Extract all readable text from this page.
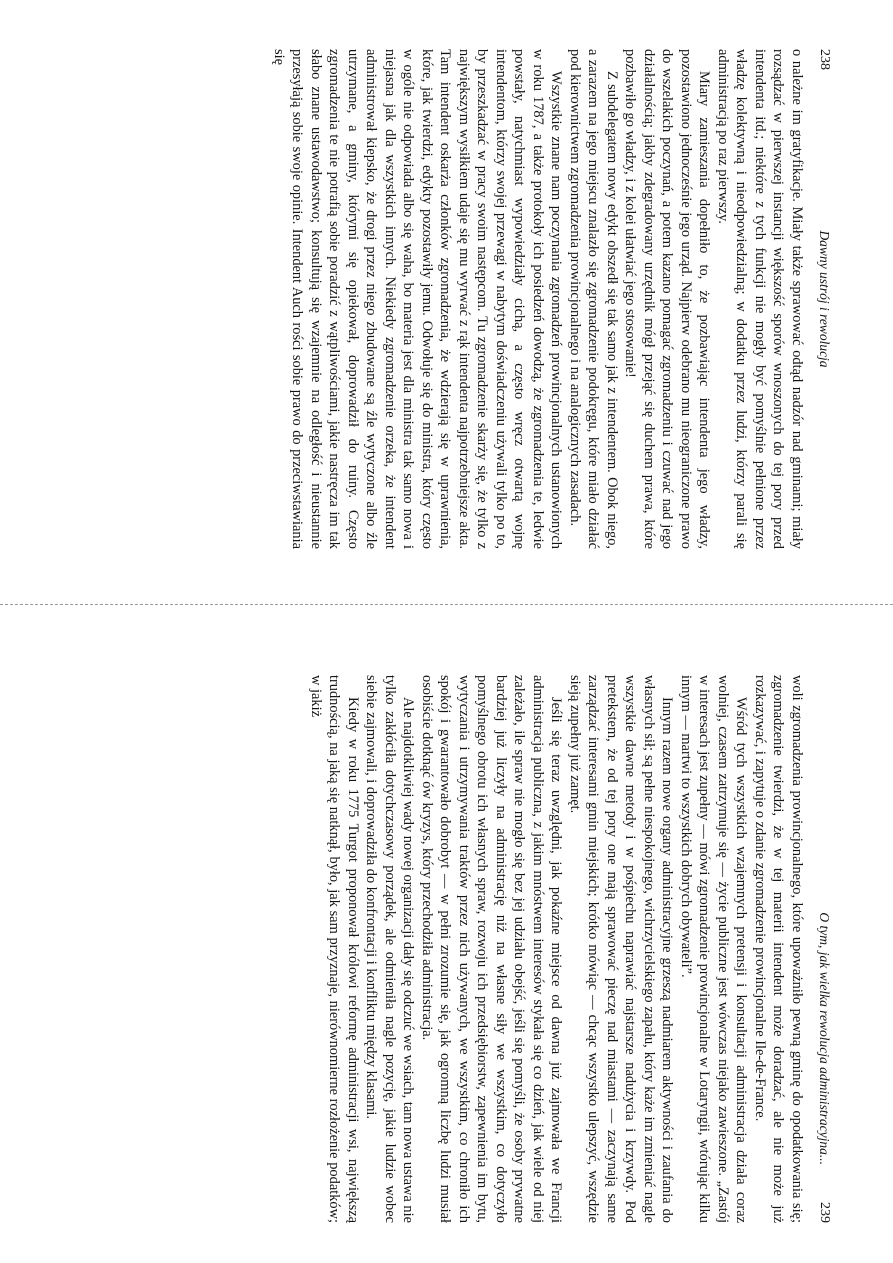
238
Dawny ustrój i rewolucja

o należne im gratyfikacje. Miały także sprawować odtąd nadzór nad gminami; miały rozsądzać w pierwszej instancji większość sporów wnoszonych do tej pory przed intendenta itd.; niektóre z tych funkcji nie mogły być pomyślnie pełnione przez władzę kolektywną i nieodpowiedzialną; w dodatku przez ludzi, którzy parali się administracją po raz pierwszy.

Miary zamieszania dopełniło to, że pozbawiając intendenta jego władzy, pozostawiono jednocześnie jego urząd. Najpierw odebrano mu nieograniczone prawo do wszelakich poczynań, a potem kazano pomagać zgromadzeniu i czuwać nad jego działalnością; jakby zdegradowany urzędnik mógł przejąć się duchem prawa, które pozbawiło go władzy, i z kolei ułatwiać jego stosowanie!

Z subdelegatem nowy edykt obszedł się tak samo jak z intendentem. Obok niego, a zarazem na jego miejscu znalazło się zgromadzenie podokręgu, które miało działać pod kierownictwem zgromadzenia prowincjonalnego i na analogicznych zasadach.

Wszystkie znane nam poczynania zgromadzeń prowincjonalnych ustanowionych w roku 1787, a także protokoły ich posiedzeń dowodzą, że zgromadzenia te, ledwie powstały, natychmiast wypowiedziały cichą, a często wręcz otwartą wojnę intendentom, którzy swojej przewagi w nabytym doświadczeniu używali tylko po to, by przeszkadzać w pracy swoim następcom. Tu zgromadzenie skarży się, że tylko z największym wysiłkiem udaje się mu wyrwać z rąk intendenta najpotrzebniejsze akta. Tam intendent oskarża członków zgromadzenia, że wdzierają się w uprawnienia, które, jak twierdzi, edykty pozostawiły jemu. Odwołuje się do ministra, który często w ogóle nie odpowiada albo się waha, bo materia jest dla ministra tak samo nowa i niejasna jak dla wszystkich innych. Niekiedy zgromadzenie orzeka, że intendent administrował kiepsko, że drogi przez niego zbudowane są źle wytyczone albo źle utrzymane, a gminy, którymi się opiekował, doprowadził do ruiny. Często zgromadzenia te nie potrafią sobie poradzić z wątpliwościami, jakie nastręcza im tak słabo znane ustawodawstwo; konsultują się wzajemnie na odległość i nieustannie przesyłają sobie swoje opinie. Intendent Auch rości sobie prawo do przeciwstawiania się

O tym, jak wielka rewolucja administracyjna...
239

woli zgromadzenia prowincjonalnego, które upoważniło pewną gminę do opodatkowania się; zgromadzenie twierdzi, że w tej materii intendent może doradzać, ale nie może już rozkazywać, i zapytuje o zdanie zgromadzenie prowincjonalne Ile-de-France.

Wśród tych wszystkich wzajemnych pretensji i konsultacji administracja działa coraz wolniej, czasem zatrzymuje się — życie publiczne jest wówczas niejako zawieszone. „Zastój w interesach jest zupełny — mówi zgromadzenie prowincjonalne w Lotaryngii, wtórując kilku innym — martwi to wszystkich dobrych obywateli”.

Innym razem nowe organy administracyjne grzeszą nadmiarem aktywności i zaufania do własnych sił; są pełne niespokojnego, wichrzycielskiego zapału, który każe im zmieniać nagle wszystkie dawne metody i w pośpiechu naprawiać najstarsze nadużycia i krzywdy. Pod pretekstem, że od tej pory one mają sprawować pieczę nad miastami — zaczynają same zarządzać interesami gmin miejskich; krótko mówiąc — chcąc wszystko ulepszyć, wszędzie sieją zupełny już zamęt.

Jeśli się teraz uwzględni, jak pokaźne miejsce od dawna już zajmowała we Francji administracja publiczna, z jakim mnóstwem interesów stykała się co dzień, jak wiele od niej zależało, ile spraw nie mogło się bez jej udziału obejść, jeśli się pomyśli, że osoby prywatne bardziej już liczyły na administrację niż na własne siły we wszystkim, co dotyczyło pomyślnego obrotu ich własnych spraw, rozwoju ich przedsiębiorstw, zapewnienia im bytu, wytyczania i utrzymywania traktów przez nich używanych, we wszystkim, co chroniło ich spokój i gwarantowało dobrobyt — w pełni zrozumie się, jak ogromną liczbę ludzi musiał osobiście dotknąć ów kryzys, który przechodziła administracja.

Ale najdotkliwiej wady nowej organizacji dały się odczuć we wsiach, tam nowa ustawa nie tylko zakłóciła dotychczasowy porządek, ale odmieniła nagle pozycję, jakie ludzie wobec siebie zajmowali, i doprowadziła do konfrontacji i konfliktu między klasami.

Kiedy w roku 1775 Turgot proponował królowi reformę administracji wsi, największą trudnością, na jaką się natknął, było, jak sam przyznaje, nierównomierne rozłożenie podatków; w jakiż
